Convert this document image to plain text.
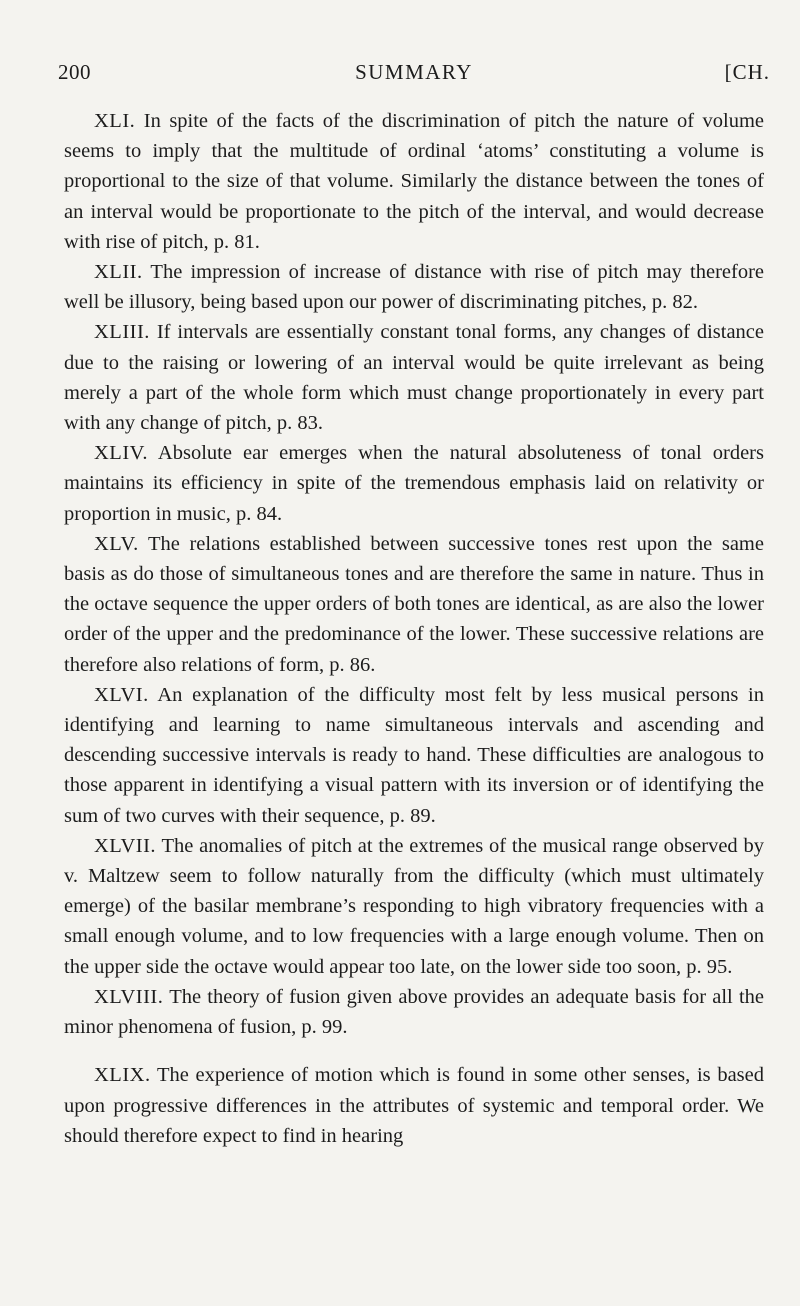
200	SUMMARY	[CH.

XLI. In spite of the facts of the discrimination of pitch the nature of volume seems to imply that the multitude of ordinal ‘atoms’ constituting a volume is proportional to the size of that volume. Similarly the distance between the tones of an interval would be proportionate to the pitch of the interval, and would decrease with rise of pitch, p. 81.

XLII. The impression of increase of distance with rise of pitch may therefore well be illusory, being based upon our power of discriminating pitches, p. 82.

XLIII. If intervals are essentially constant tonal forms, any changes of distance due to the raising or lowering of an interval would be quite irrelevant as being merely a part of the whole form which must change proportionately in every part with any change of pitch, p. 83.

XLIV. Absolute ear emerges when the natural absoluteness of tonal orders maintains its efficiency in spite of the tremendous emphasis laid on relativity or proportion in music, p. 84.

XLV. The relations established between successive tones rest upon the same basis as do those of simultaneous tones and are therefore the same in nature. Thus in the octave sequence the upper orders of both tones are identical, as are also the lower order of the upper and the predominance of the lower. These successive relations are therefore also relations of form, p. 86.

XLVI. An explanation of the difficulty most felt by less musical persons in identifying and learning to name simultaneous intervals and ascending and descending successive intervals is ready to hand. These difficulties are analogous to those apparent in identifying a visual pattern with its inversion or of identifying the sum of two curves with their sequence, p. 89.

XLVII. The anomalies of pitch at the extremes of the musical range observed by v. Maltzew seem to follow naturally from the difficulty (which must ultimately emerge) of the basilar membrane’s responding to high vibratory frequencies with a small enough volume, and to low frequencies with a large enough volume. Then on the upper side the octave would appear too late, on the lower side too soon, p. 95.

XLVIII. The theory of fusion given above provides an adequate basis for all the minor phenomena of fusion, p. 99.

XLIX. The experience of motion which is found in some other senses, is based upon progressive differences in the attributes of systemic and temporal order. We should therefore expect to find in hearing
